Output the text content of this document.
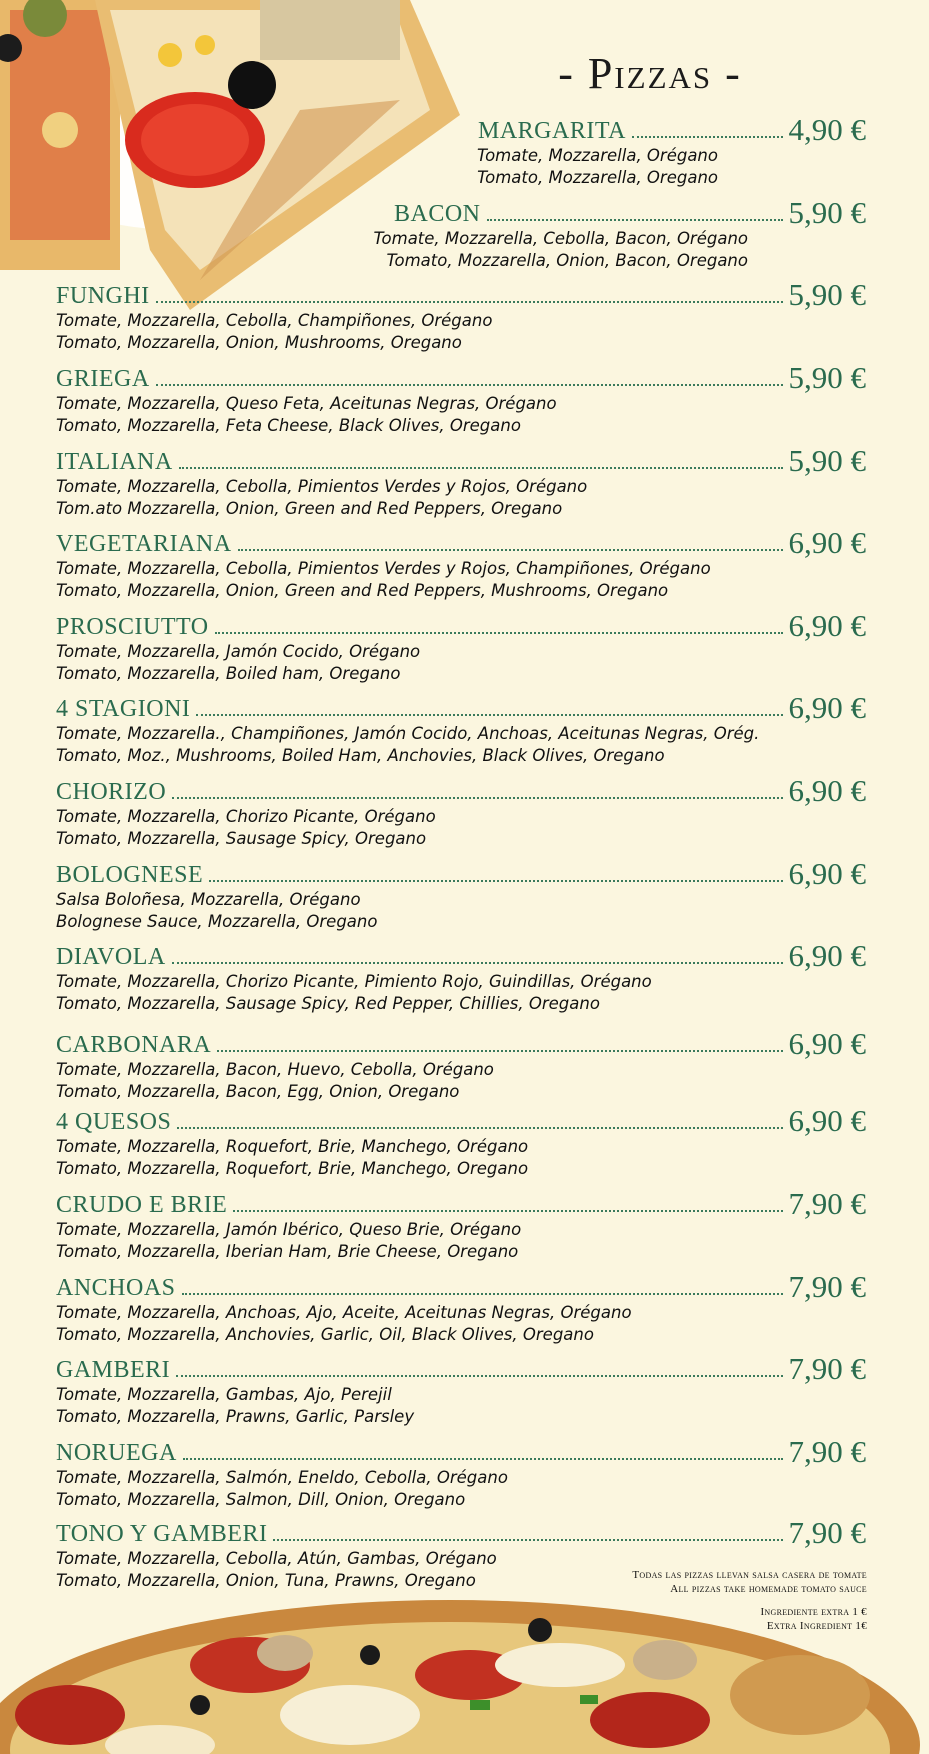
- Pizzas -
MARGARITA	4,90 €
Tomate, Mozzarella, Orégano
Tomato, Mozzarella, Oregano
BACON	5,90 €
Tomate, Mozzarella, Cebolla, Bacon, Orégano
Tomato, Mozzarella, Onion, Bacon, Oregano
FUNGHI	5,90 €
Tomate, Mozzarella, Cebolla, Champiñones, Orégano
Tomato, Mozzarella, Onion, Mushrooms, Oregano
GRIEGA	5,90 €
Tomate, Mozzarella, Queso Feta, Aceitunas Negras, Orégano
Tomato, Mozzarella, Feta Cheese, Black Olives, Oregano
ITALIANA	5,90 €
Tomate, Mozzarella, Cebolla, Pimientos Verdes y Rojos, Orégano
Tom.ato Mozzarella, Onion, Green and Red Peppers, Oregano
VEGETARIANA	6,90 €
Tomate, Mozzarella, Cebolla, Pimientos Verdes y Rojos, Champiñones, Orégano
Tomato, Mozzarella, Onion, Green and Red Peppers, Mushrooms, Oregano
PROSCIUTTO	6,90 €
Tomate, Mozzarella, Jamón Cocido, Orégano
Tomato, Mozzarella, Boiled ham, Oregano
4 STAGIONI	6,90 €
Tomate, Mozzarella., Champiñones, Jamón Cocido, Anchoas, Aceitunas Negras, Orég.
Tomato, Moz., Mushrooms, Boiled Ham, Anchovies, Black Olives, Oregano
CHORIZO	6,90 €
Tomate, Mozzarella, Chorizo Picante, Orégano
Tomato, Mozzarella, Sausage Spicy, Oregano
BOLOGNESE	6,90 €
Salsa Boloñesa, Mozzarella, Orégano
Bolognese Sauce, Mozzarella, Oregano
DIAVOLA	6,90 €
Tomate, Mozzarella, Chorizo Picante, Pimiento Rojo, Guindillas, Orégano
Tomato, Mozzarella, Sausage Spicy, Red Pepper, Chillies, Oregano
CARBONARA	6,90 €
Tomate, Mozzarella, Bacon, Huevo, Cebolla, Orégano
Tomato, Mozzarella, Bacon, Egg, Onion, Oregano
4 QUESOS	6,90 €
Tomate, Mozzarella, Roquefort, Brie, Manchego, Orégano
Tomato, Mozzarella, Roquefort, Brie, Manchego, Oregano
CRUDO E BRIE	7,90 €
Tomate, Mozzarella, Jamón Ibérico, Queso Brie, Orégano
Tomato, Mozzarella, Iberian Ham, Brie Cheese, Oregano
ANCHOAS	7,90 €
Tomate, Mozzarella, Anchoas, Ajo, Aceite, Aceitunas Negras, Orégano
Tomato, Mozzarella, Anchovies, Garlic, Oil, Black Olives, Oregano
GAMBERI	7,90 €
Tomate, Mozzarella, Gambas, Ajo, Perejil
Tomato, Mozzarella, Prawns, Garlic, Parsley
NORUEGA	7,90 €
Tomate, Mozzarella, Salmón, Eneldo, Cebolla, Orégano
Tomato, Mozzarella, Salmon, Dill, Onion, Oregano
TONO Y GAMBERI	7,90 €
Tomate, Mozzarella, Cebolla, Atún, Gambas, Orégano
Tomato, Mozzarella, Onion, Tuna, Prawns, Oregano	Todas las pizzas llevan salsa casera de tomate
All pizzas take homemade tomato sauce
Ingrediente extra 1 €
Extra Ingredient 1€
